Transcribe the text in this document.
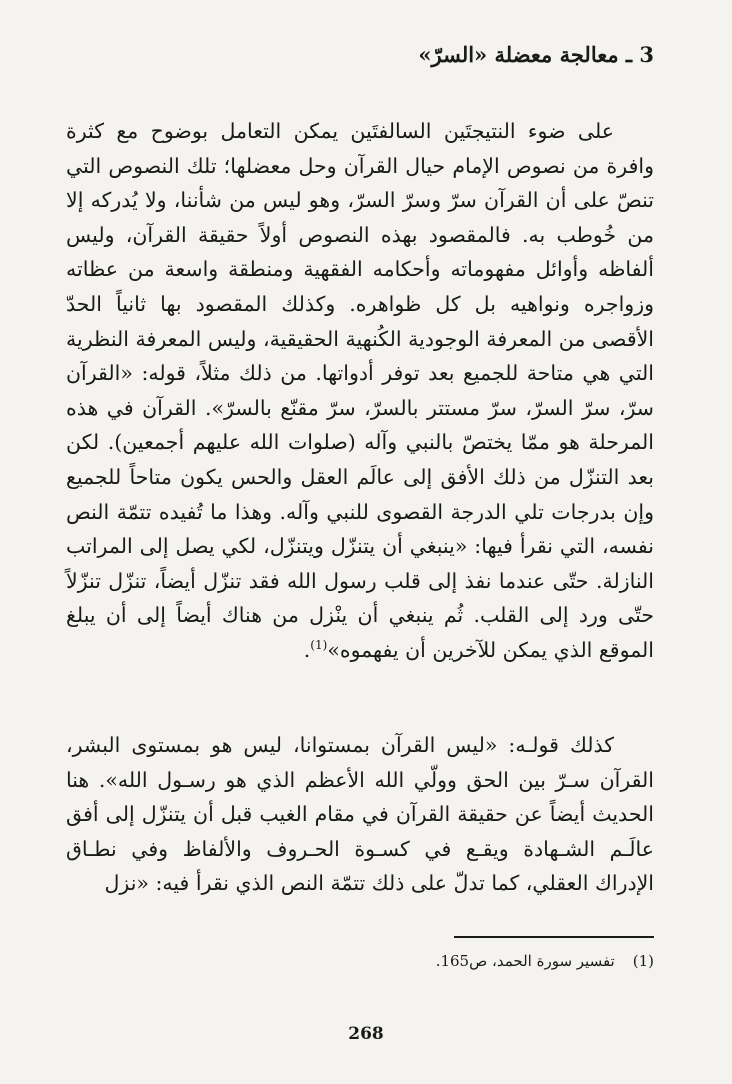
3 ـ معالجة معضلة «السرّ»

على ضوء النتيجتَين السالفتَين يمكن التعامل بوضوح مع كثرة وافرة من نصوص الإمام حيال القرآن وحل معضلها؛ تلك النصوص التي تنصّ على أن القرآن سرّ وسرّ السرّ، وهو ليس من شأننا، ولا يُدركه إلا من خُوطب به. فالمقصود بهذه النصوص أولاً حقيقة القرآن، وليس ألفاظه وأوائل مفهوماته وأحكامه الفقهية ومنطقة واسعة من عظاته وزواجره ونواهيه بل كل ظواهره. وكذلك المقصود بها ثانياً الحدّ الأقصى من المعرفة الوجودية الكُنهية الحقيقية، وليس المعرفة النظرية التي هي متاحة للجميع بعد توفر أدواتها. من ذلك مثلاً، قوله: «القرآن سرّ، سرّ السرّ، سرّ مستتر بالسرّ، سرّ مقنّع بالسرّ». القرآن في هذه المرحلة هو ممّا يختصّ بالنبي وآله (صلوات الله عليهم أجمعين). لكن بعد التنزّل من ذلك الأفق إلى عالَم العقل والحس يكون متاحاً للجميع وإن بدرجات تلي الدرجة القصوى للنبي وآله. وهذا ما تُفيده تتمّة النص نفسه، التي نقرأ فيها: «ينبغي أن يتنزّل ويتنزّل، لكي يصل إلى المراتب النازلة. حتّى عندما نفذ إلى قلب رسول الله فقد تنزّل أيضاً، تنزّل تنزّلاً حتّى ورد إلى القلب. ثُم ينبغي أن ينْزل من هناك أيضاً إلى أن يبلغ الموقع الذي يمكن للآخرين أن يفهموه»$^{(1)}$.

كذلك قولـه: «ليس القرآن بمستوانا، ليس هو بمستوى البشر، القرآن سـرّ بين الحق وولّي الله الأعظم الذي هو رسـول الله». هنا الحديث أيضاً عن حقيقة القرآن في مقام الغيب قبل أن يتنزّل إلى أفق عالَـم الشـهادة ويقـع في كسـوة الحـروف والألفاظ وفي نطـاق الإدراك العقلي، كما تدلّ على ذلك تتمّة النص الذي نقرأ فيه: «نزل

(1)تفسير سورة الحمد، ص165.

268
